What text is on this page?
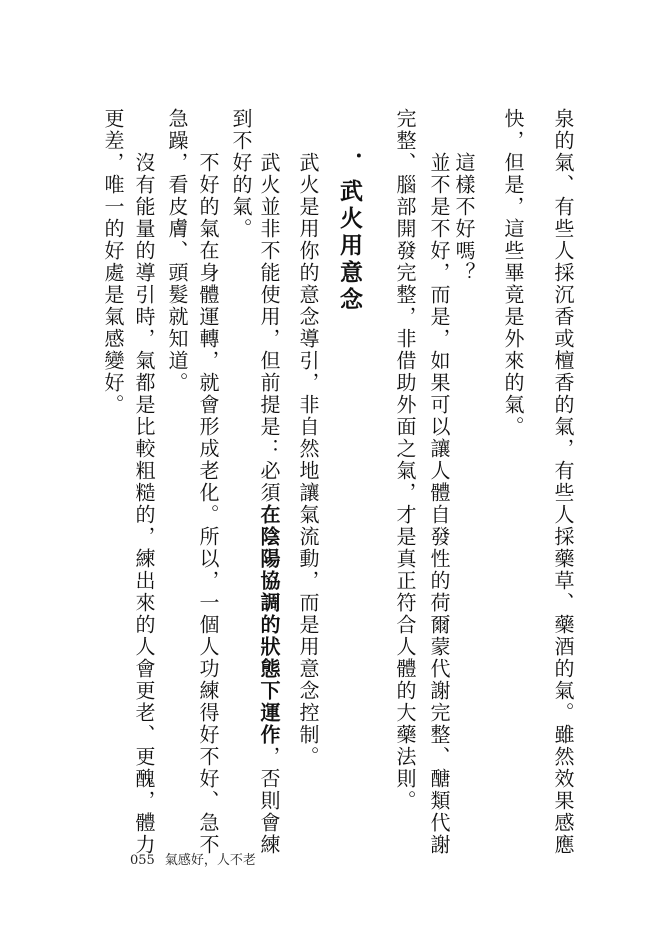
泉的氣、有些人採沉香或檀香的氣，有些人採藥草、藥酒的氣。雖然效果感應
快，但是，這些畢竟是外來的氣。
這樣不好嗎？
並不是不好，而是，如果可以讓人體自發性的荷爾蒙代謝完整、醣類代謝
完整、腦部開發完整，非借助外面之氣，才是真正符合人體的大藥法則。
．武火用意念
武火是用你的意念導引，非自然地讓氣流動，而是用意念控制。
武火並非不能使用，但前提是：必須在陰陽協調的狀態下運作，否則會練
到不好的氣。
不好的氣在身體運轉，就會形成老化。所以，一個人功練得好不好、急不
急躁，看皮膚、頭髮就知道。
沒有能量的導引時，氣都是比較粗糙的，練出來的人會更老、更醜，體力
更差，唯一的好處是氣感變好。
055 氣感好，人不老
